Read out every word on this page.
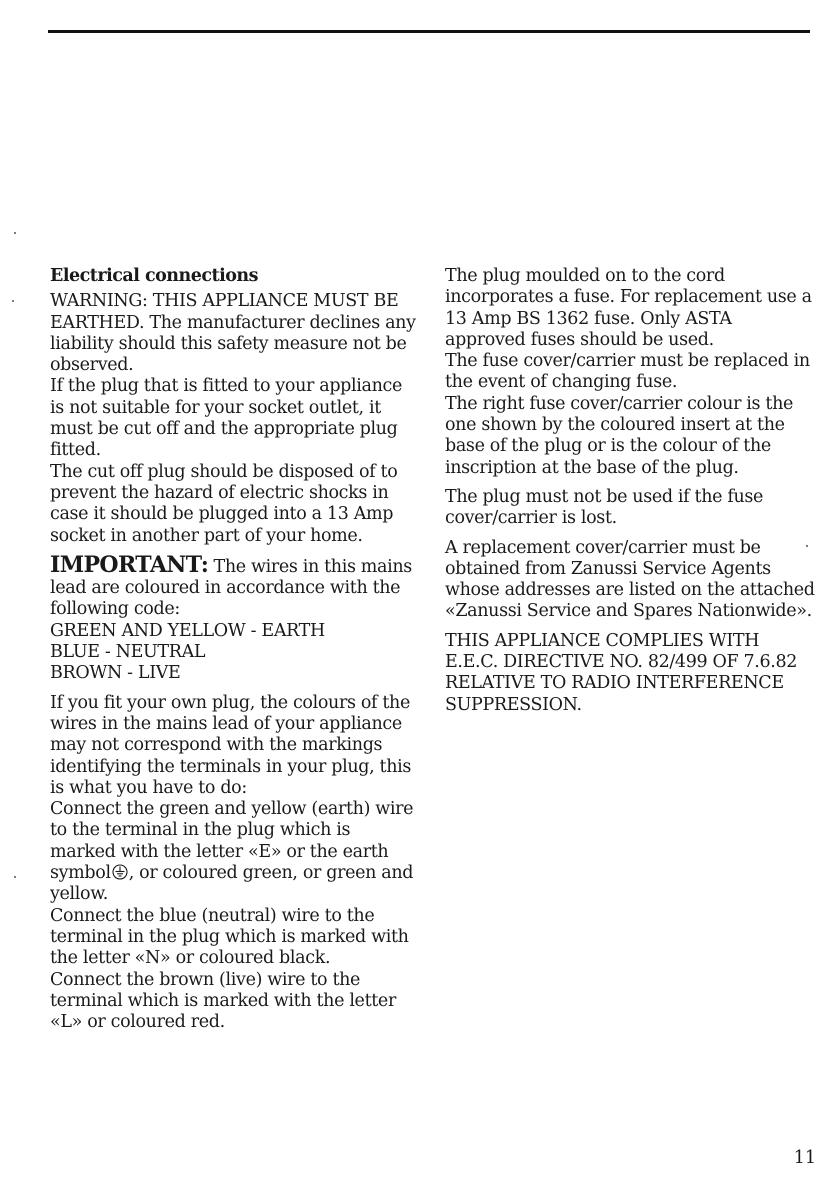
Electrical connections

WARNING: THIS APPLIANCE MUST BE EARTHED. The manufacturer declines any liability should this safety measure not be observed.

If the plug that is fitted to your appliance is not suitable for your socket outlet, it must be cut off and the appropriate plug fitted.

The cut off plug should be disposed of to prevent the hazard of electric shocks in case it should be plugged into a 13 Amp socket in another part of your home.

IMPORTANT: The wires in this mains lead are coloured in accordance with the following code:

GREEN AND YELLOW - EARTH
BLUE - NEUTRAL
BROWN - LIVE

If you fit your own plug, the colours of the wires in the mains lead of your appliance may not correspond with the markings identifying the terminals in your plug, this is what you have to do:

Connect the green and yellow (earth) wire to the terminal in the plug which is marked with the letter «E» or the earth symbol , or coloured green, or green and yellow.

Connect the blue (neutral) wire to the terminal in the plug which is marked with the letter «N» or coloured black.

Connect the brown (live) wire to the terminal which is marked with the letter «L» or coloured red.

The plug moulded on to the cord incorporates a fuse. For replacement use a 13 Amp BS 1362 fuse. Only ASTA approved fuses should be used.

The fuse cover/carrier must be replaced in the event of changing fuse.

The right fuse cover/carrier colour is the one shown by the coloured insert at the base of the plug or is the colour of the inscription at the base of the plug.

The plug must not be used if the fuse cover/carrier is lost.

A replacement cover/carrier must be obtained from Zanussi Service Agents whose addresses are listed on the attached «Zanussi Service and Spares Nationwide».

THIS APPLIANCE COMPLIES WITH E.E.C. DIRECTIVE NO. 82/499 OF 7.6.82 RELATIVE TO RADIO INTERFERENCE SUPPRESSION.

11
